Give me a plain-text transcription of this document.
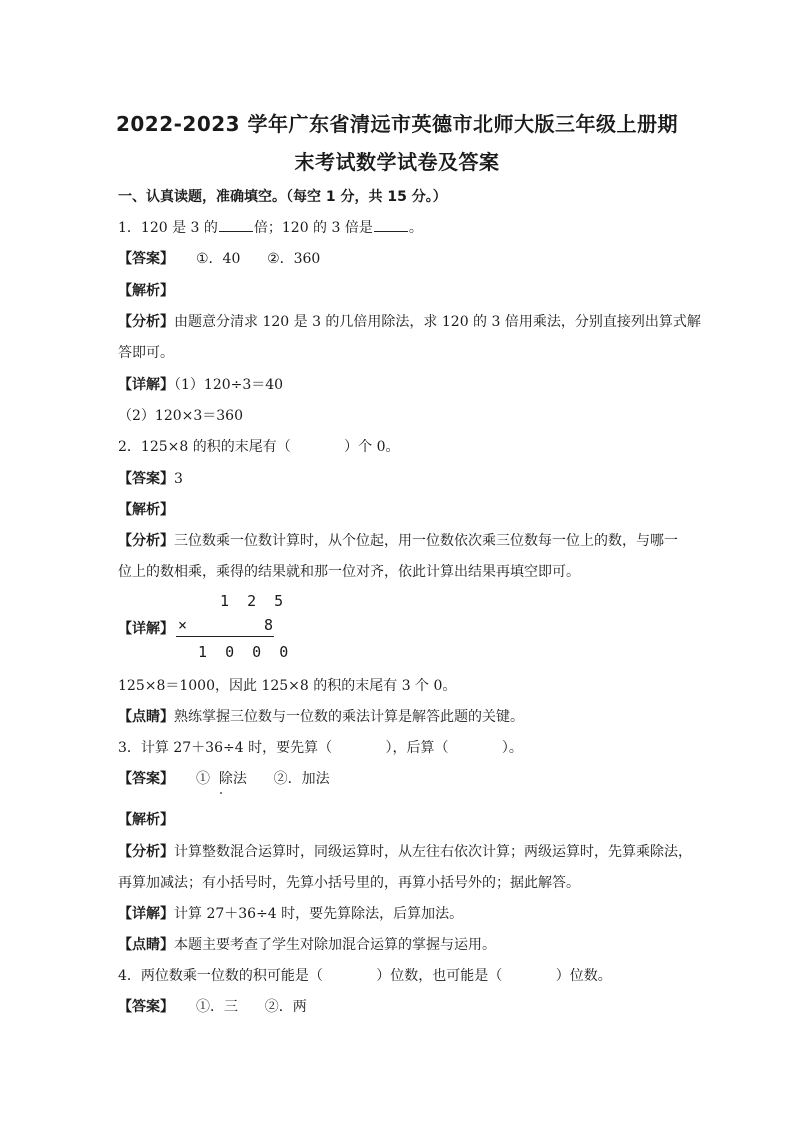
2022-2023 学年广东省清远市英德市北师大版三年级上册期
末考试数学试卷及答案
一、认真读题，准确填空。（每空 1 分，共 15 分。）
1．120 是 3 的	倍；120 的 3 倍是	。
【答案】 ①．40      ②．360
【解析】
【分析】由题意分清求 120 是 3 的几倍用除法，求 120 的 3 倍用乘法，分别直接列出算式解
答即可。
【详解】（1）120÷3＝40
（2）120×3＝360
2．125×8 的积的末尾有（            ）个 0。
【答案】3
【解析】
【分析】三位数乘一位数计算时，从个位起，用一位数依次乘三位数每一位上的数，与哪一
位上的数相乘，乘得的结果就和那一位对齐，依此计算出结果再填空即可。
【详解】
1  2  5
×	8
1  0  0  0
125×8＝1000，因此 125×8 的积的末尾有 3 个 0。
【点睛】熟练掌握三位数与一位数的乘法计算是解答此题的关键。
3．计算 27＋36÷4 时，要先算（            ），后算（            ）。
【答案】 ①  除法      ②．加法
【解析】
【分析】计算整数混合运算时，同级运算时，从左往右依次计算；两级运算时，先算乘除法，
再算加减法；有小括号时，先算小括号里的，再算小括号外的；据此解答。
【详解】计算 27＋36÷4 时，要先算除法，后算加法。
【点睛】本题主要考查了学生对除加混合运算的掌握与运用。
4．两位数乘一位数的积可能是（            ）位数，也可能是（            ）位数。
【答案】 ①．三      ②．两
